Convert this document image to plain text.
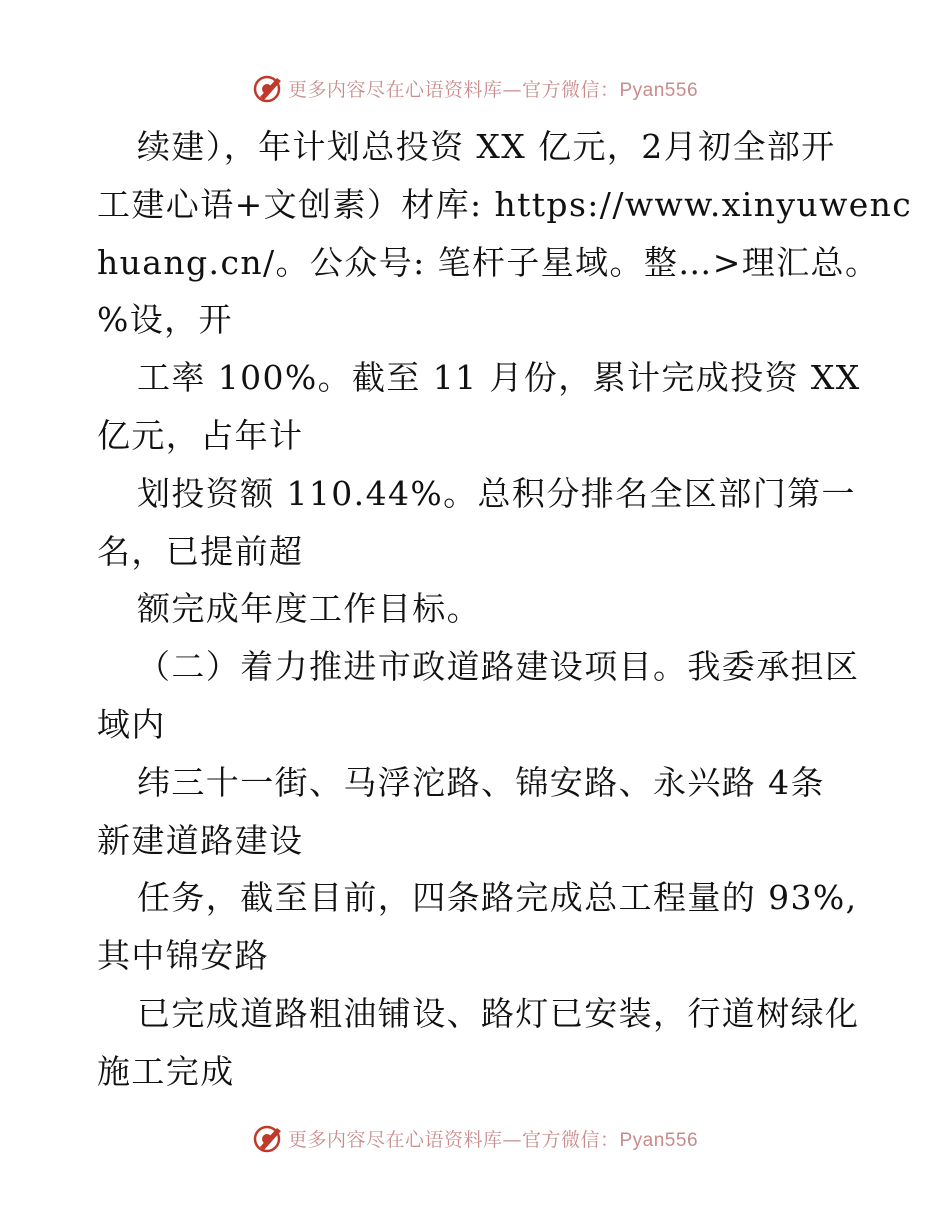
更多内容尽在心语资料库—官方微信：Pyan556
续建），年计划总投资 XX 亿元，2月初全部开
工建心语+文创素）材库: https://www.xinyuwenc
huang.cn/。公众号: 笔杆子星域。整…>理汇总。
%设，开
工率 100%。截至 11 月份，累计完成投资 XX
亿元，占年计
划投资额 110.44%。总积分排名全区部门第一
名，已提前超
额完成年度工作目标。
（二）着力推进市政道路建设项目。我委承担区
域内
纬三十一街、马浮沱路、锦安路、永兴路 4条
新建道路建设
任务，截至目前，四条路完成总工程量的 93%,
其中锦安路
已完成道路粗油铺设、路灯已安装，行道树绿化
施工完成
更多内容尽在心语资料库—官方微信：Pyan556
